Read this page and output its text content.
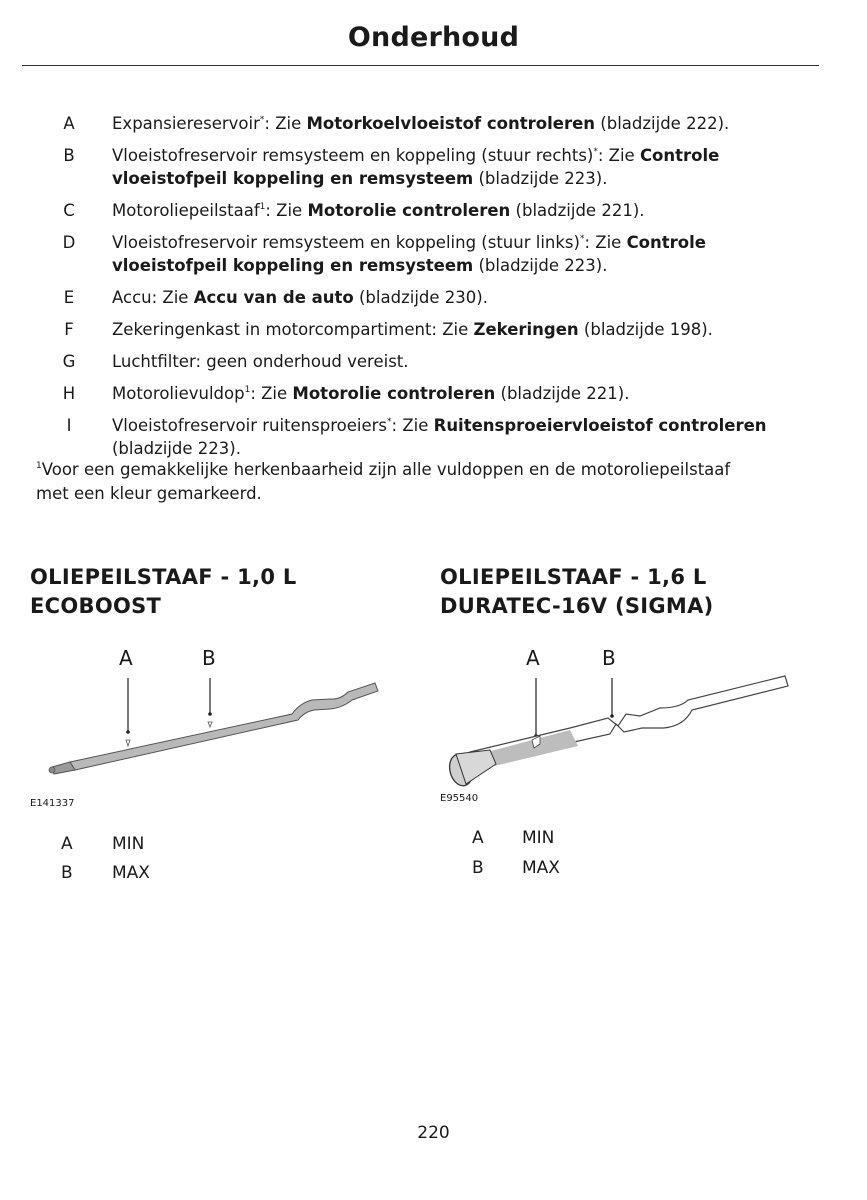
Onderhoud
A Expansiereservoir*: Zie Motorkoelvloeistof controleren (bladzijde 222).
B Vloeistofreservoir remsysteem en koppeling (stuur rechts)*: Zie Controle
vloeistofpeil koppeling en remsysteem (bladzijde 223).
C Motoroliepeilstaaf$^1$: Zie Motorolie controleren (bladzijde 221).
D Vloeistofreservoir remsysteem en koppeling (stuur links)*: Zie Controle
vloeistofpeil koppeling en remsysteem (bladzijde 223).
E Accu: Zie Accu van de auto (bladzijde 230).
F Zekeringenkast in motorcompartiment: Zie Zekeringen (bladzijde 198).
G Luchtfilter: geen onderhoud vereist.
H Motorolievuldop$^1$: Zie Motorolie controleren (bladzijde 221).
I	Vloeistofreservoir ruitensproeiers*: Zie Ruitensproeiervloeistof controleren
(bladzijde 223).
$^1$Voor een gemakkelijke herkenbaarheid zijn alle vuldoppen en de motoroliepeilstaaf
met een kleur gemarkeerd.
OLIEPEILSTAAF - 1,0 L
ECOBOOST
A	B
E141337
A MIN
B MAX
OLIEPEILSTAAF - 1,6 L
DURATEC-16V (SIGMA)
A	B
E95540
A MIN
B MAX
220
